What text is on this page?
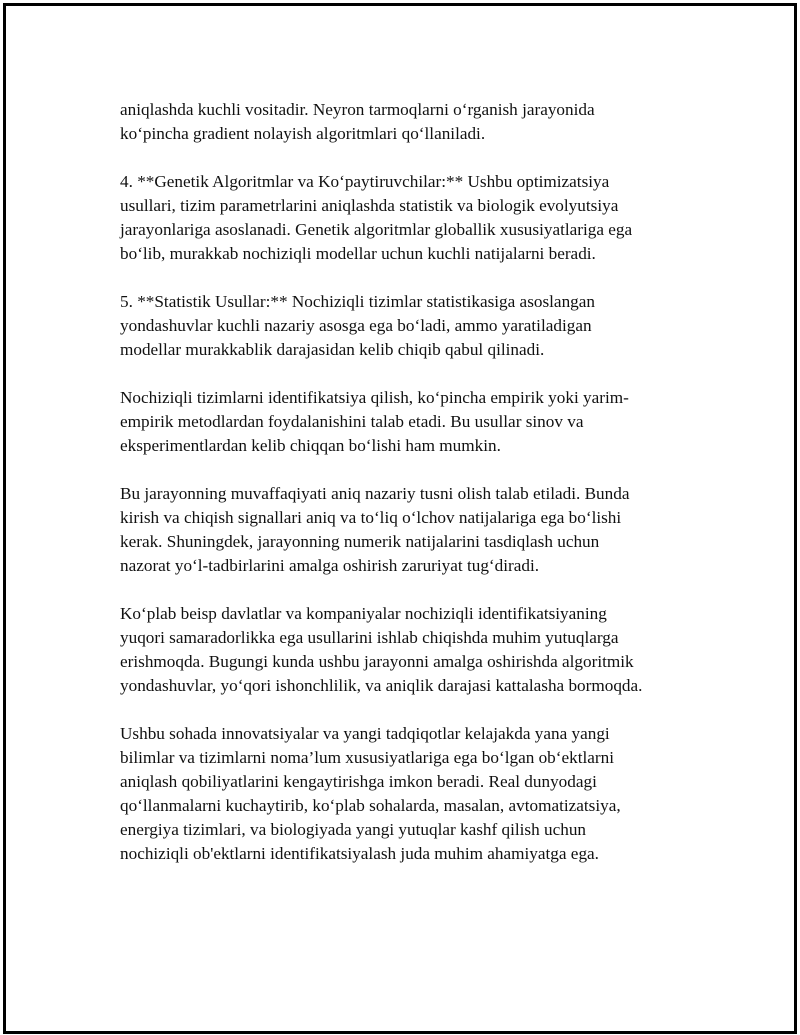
aniqlashda kuchli vositadir. Neyron tarmoqlarni o‘rganish jarayonida
ko‘pincha gradient nolayish algoritmlari qo‘llaniladi.

4. **Genetik Algoritmlar va Ko‘paytiruvchilar:** Ushbu optimizatsiya
usullari, tizim parametrlarini aniqlashda statistik va biologik evolyutsiya
jarayonlariga asoslanadi. Genetik algoritmlar globallik xususiyatlariga ega
bo‘lib, murakkab nochiziqli modellar uchun kuchli natijalarni beradi.

5. **Statistik Usullar:** Nochiziqli tizimlar statistikasiga asoslangan
yondashuvlar kuchli nazariy asosga ega bo‘ladi, ammo yaratiladigan
modellar murakkablik darajasidan kelib chiqib qabul qilinadi.

Nochiziqli tizimlarni identifikatsiya qilish, ko‘pincha empirik yoki yarim-
empirik metodlardan foydalanishini talab etadi. Bu usullar sinov va
eksperimentlardan kelib chiqqan bo‘lishi ham mumkin.

Bu jarayonning muvaffaqiyati aniq nazariy tusni olish talab etiladi. Bunda
kirish va chiqish signallari aniq va to‘liq o‘lchov natijalariga ega bo‘lishi
kerak. Shuningdek, jarayonning numerik natijalarini tasdiqlash uchun
nazorat yo‘l-tadbirlarini amalga oshirish zaruriyat tug‘diradi.

Ko‘plab beisp davlatlar va kompaniyalar nochiziqli identifikatsiyaning
yuqori samaradorlikka ega usullarini ishlab chiqishda muhim yutuqlarga
erishmoqda. Bugungi kunda ushbu jarayonni amalga oshirishda algoritmik
yondashuvlar, yo‘qori ishonchlilik, va aniqlik darajasi kattalasha bormoqda.

Ushbu sohada innovatsiyalar va yangi tadqiqotlar kelajakda yana yangi
bilimlar va tizimlarni noma’lum xususiyatlariga ega bo‘lgan ob‘ektlarni
aniqlash qobiliyatlarini kengaytirishga imkon beradi. Real dunyodagi
qo‘llanmalarni kuchaytirib, ko‘plab sohalarda, masalan, avtomatizatsiya,
energiya tizimlari, va biologiyada yangi yutuqlar kashf qilish uchun
nochiziqli ob'ektlarni identifikatsiyalash juda muhim ahamiyatga ega.
